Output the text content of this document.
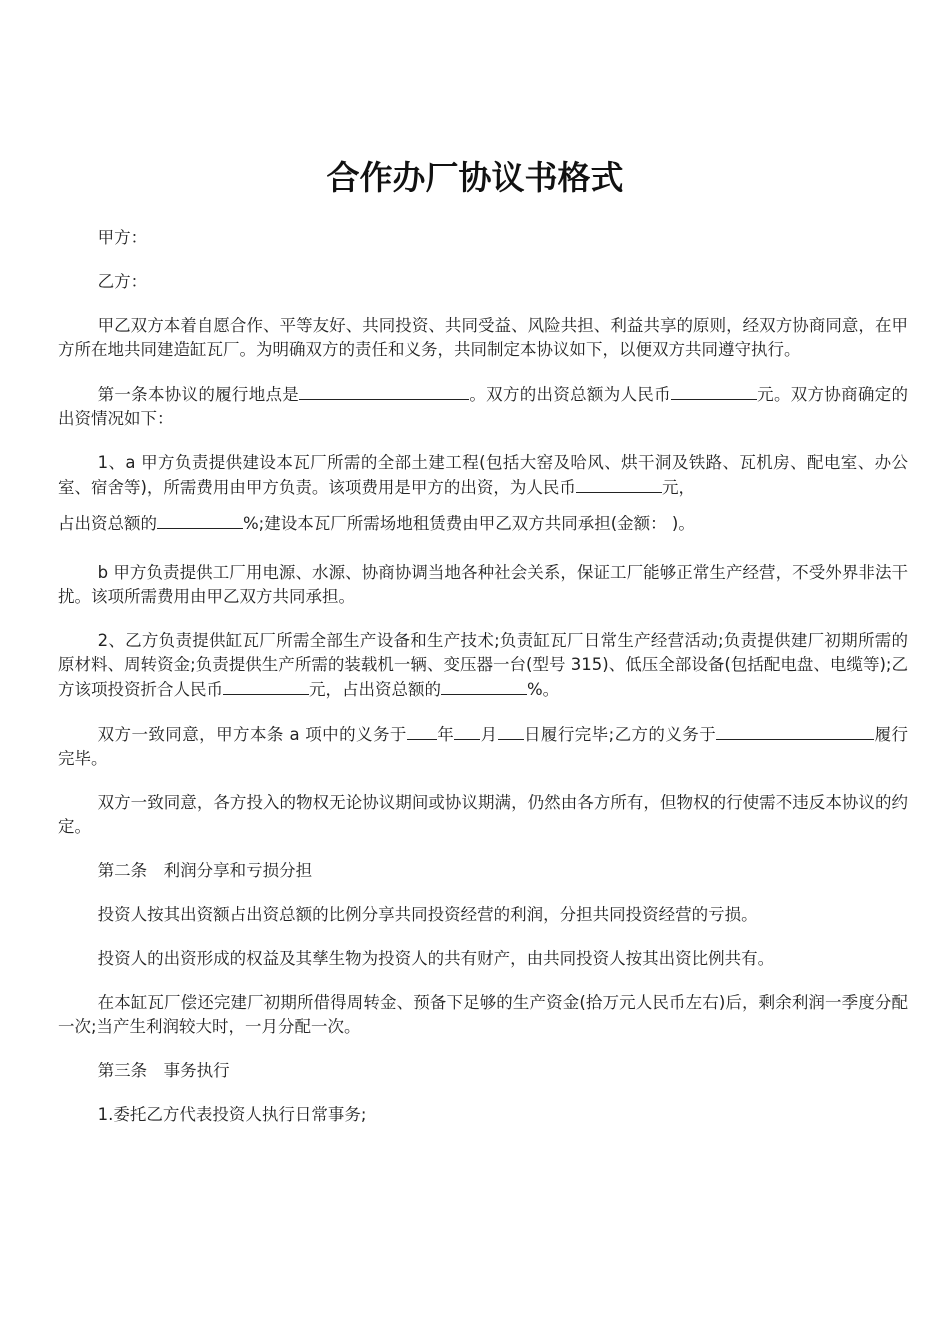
合作办厂协议书格式

甲方：

乙方：

甲乙双方本着自愿合作、平等友好、共同投资、共同受益、风险共担、利益共享的原则，经双方协商同意，在甲方所在地共同建造缸瓦厂。为明确双方的责任和义务，共同制定本协议如下，以便双方共同遵守执行。

第一条本协议的履行地点是	。双方的出资总额为人民币	元。双方协商确定的出资情况如下：

1、a 甲方负责提供建设本瓦厂所需的全部土建工程(包括大窑及哈风、烘干洞及铁路、瓦机房、配电室、办公室、宿舍等)，所需费用由甲方负责。该项费用是甲方的出资，为人民币	元，

占出资总额的	%;建设本瓦厂所需场地租赁费由甲乙双方共同承担(金额： )。

b 甲方负责提供工厂用电源、水源、协商协调当地各种社会关系，保证工厂能够正常生产经营，不受外界非法干扰。该项所需费用由甲乙双方共同承担。

2、乙方负责提供缸瓦厂所需全部生产设备和生产技术;负责缸瓦厂日常生产经营活动;负责提供建厂初期所需的原材料、周转资金;负责提供生产所需的装载机一辆、变压器一台(型号 315)、低压全部设备(包括配电盘、电缆等);乙方该项投资折合人民币	元，占出资总额的	%。

双方一致同意，甲方本条 a 项中的义务于 年 月 日履行完毕;乙方的义务于	履行完毕。

双方一致同意，各方投入的物权无论协议期间或协议期满，仍然由各方所有，但物权的行使需不违反本协议的约定。

第二条　利润分享和亏损分担

投资人按其出资额占出资总额的比例分享共同投资经营的利润，分担共同投资经营的亏损。

投资人的出资形成的权益及其孳生物为投资人的共有财产，由共同投资人按其出资比例共有。

在本缸瓦厂偿还完建厂初期所借得周转金、预备下足够的生产资金(拾万元人民币左右)后，剩余利润一季度分配一次;当产生利润较大时，一月分配一次。

第三条　事务执行

1.委托乙方代表投资人执行日常事务;
